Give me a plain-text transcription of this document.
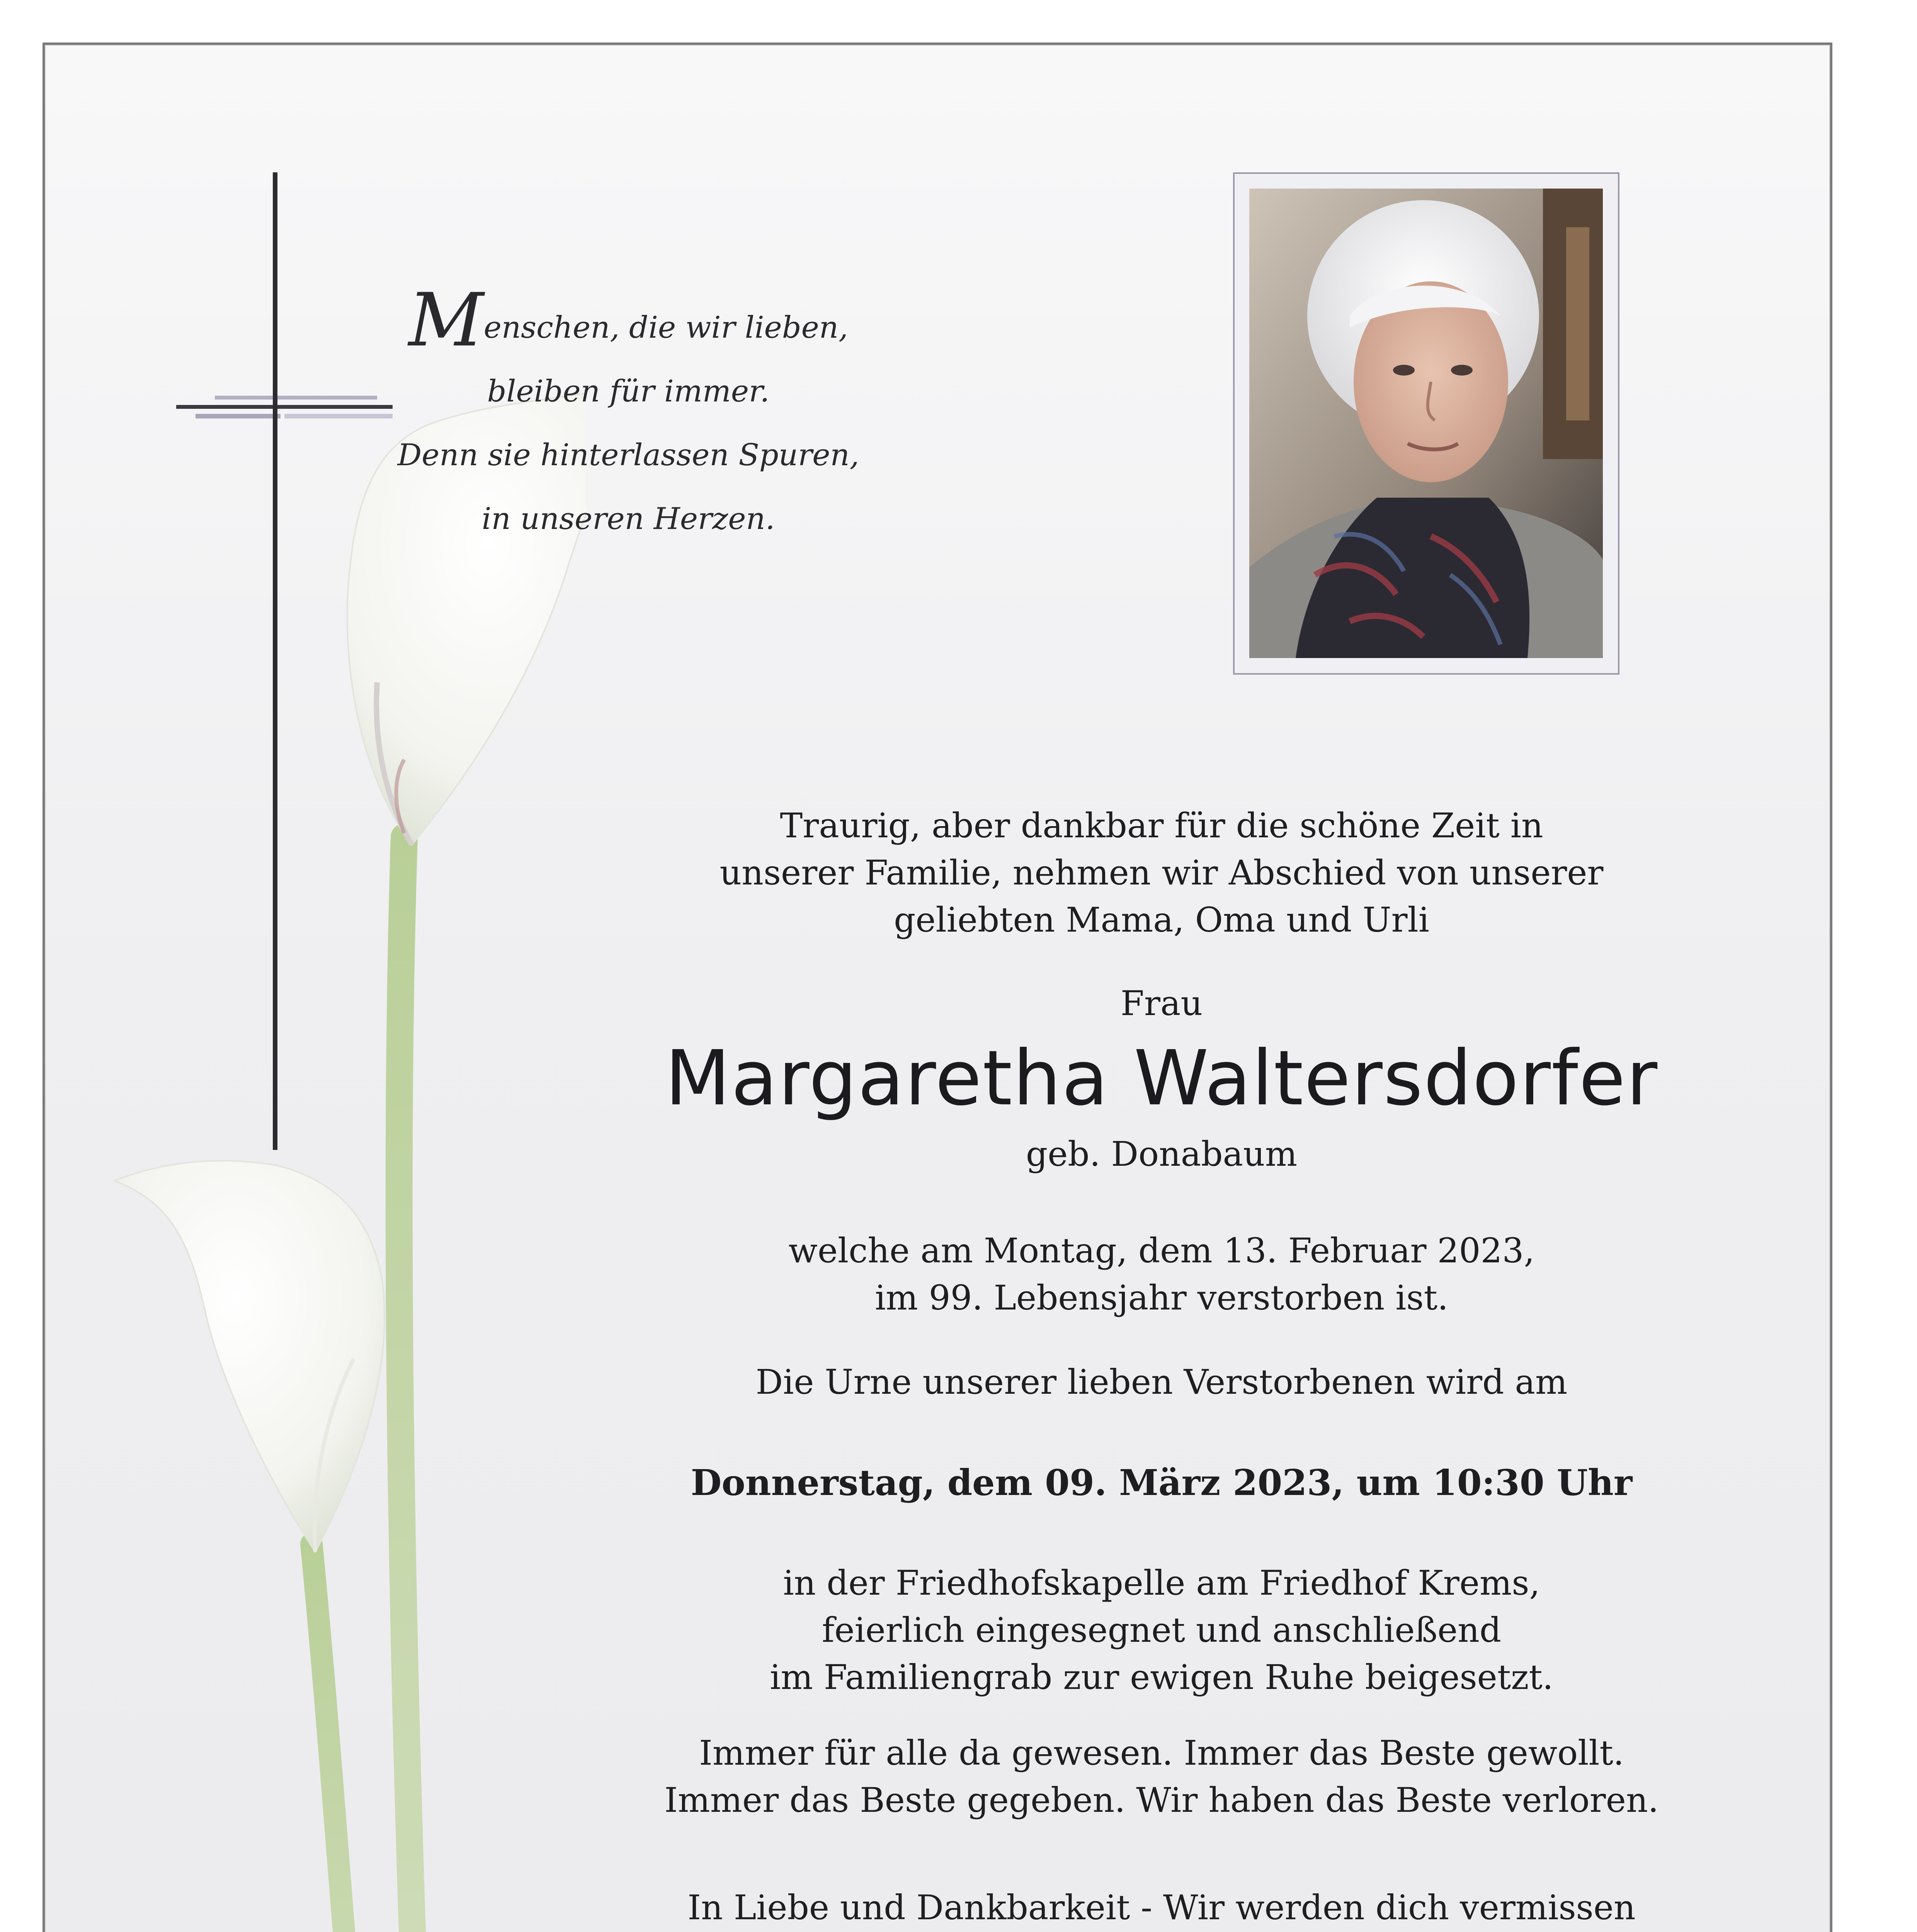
Menschen, die wir lieben,
bleiben für immer.
Denn sie hinterlassen Spuren,
in unseren Herzen.
Traurig, aber dankbar für die schöne Zeit in
unserer Familie, nehmen wir Abschied von unserer
geliebten Mama, Oma und Urli
Frau
Margaretha Waltersdorfer
geb. Donabaum
welche am Montag, dem 13. Februar 2023,
im 99. Lebensjahr verstorben ist.
Die Urne unserer lieben Verstorbenen wird am
Donnerstag, dem 09. März 2023, um 10:30 Uhr
in der Friedhofskapelle am Friedhof Krems,
feierlich eingesegnet und anschließend
im Familiengrab zur ewigen Ruhe beigesetzt.
Immer für alle da gewesen. Immer das Beste gewollt.
Immer das Beste gegeben. Wir haben das Beste verloren.
In Liebe und Dankbarkeit - Wir werden dich vermissen
